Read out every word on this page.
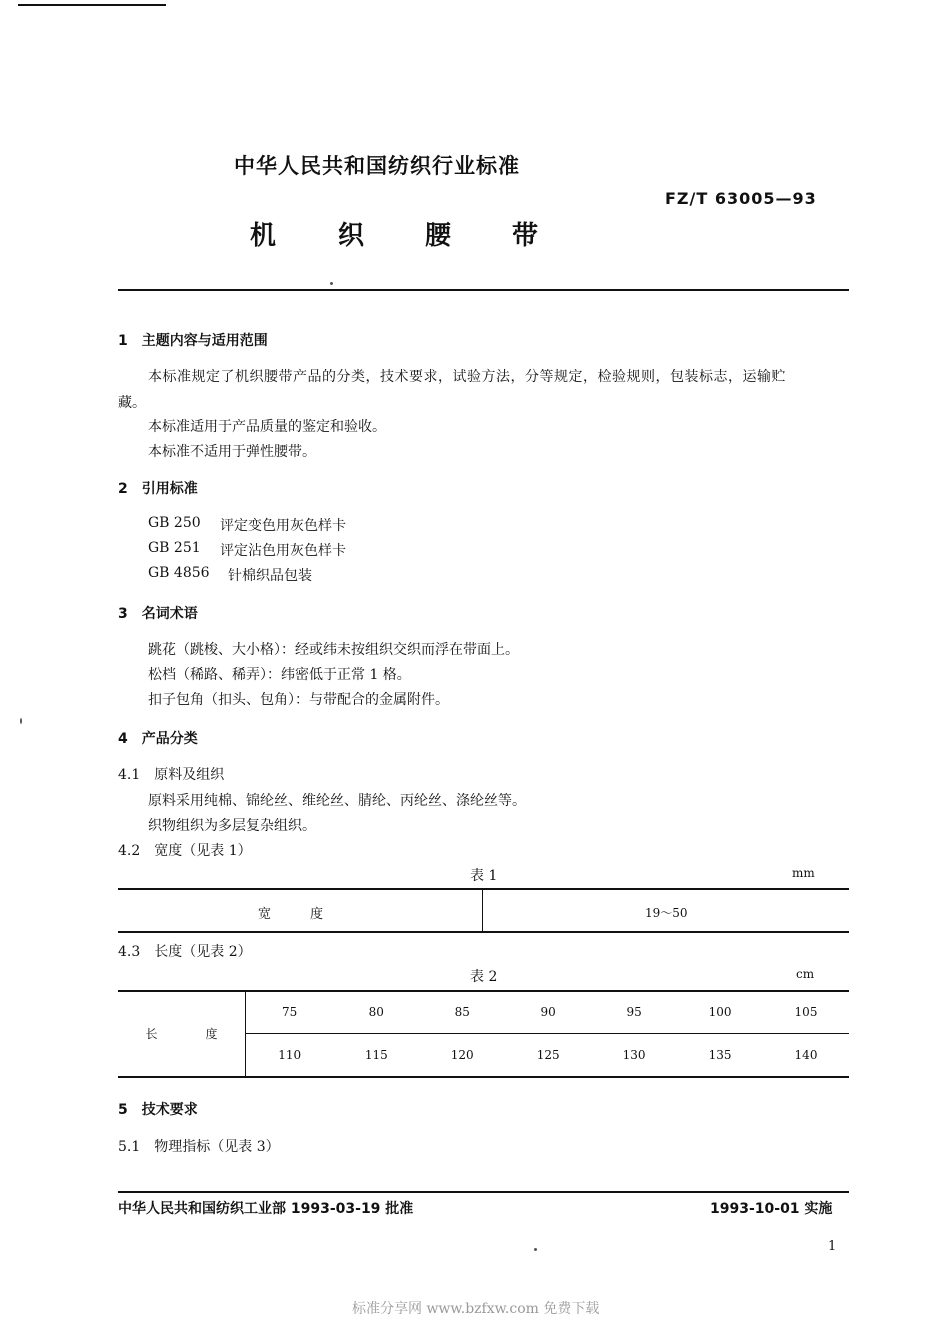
中华人民共和国纺织行业标准
FZ/T 63005—93
机 织 腰 带
1　主题内容与适用范围
本标准规定了机织腰带产品的分类，技术要求，试验方法，分等规定，检验规则，包装标志，运输贮
藏。
本标准适用于产品质量的鉴定和验收。
本标准不适用于弹性腰带。
2　引用标准
GB 250 评定变色用灰色样卡
GB 251 评定沾色用灰色样卡
GB 4856 针棉织品包装
3　名词术语
跳花（跳梭、大小格）：经或纬未按组织交织而浮在带面上。
松档（稀路、稀弄）：纬密低于正常 1 格。
扣子包角（扣头、包角）：与带配合的金属附件。
4　产品分类
4.1　原料及组织
原料采用纯棉、锦纶丝、维纶丝、腈纶、丙纶丝、涤纶丝等。
织物组织为多层复杂组织。
4.2　宽度（见表 1）
表 1	mm
宽　　　度	19～50
4.3　长度（见表 2）
表 2	cm
长　　　　度	75	80	85	90	95	100	105
	110	115	120	125	130	135	140
5　技术要求
5.1　物理指标（见表 3）
中华人民共和国纺织工业部 1993-03-19 批准	1993-10-01 实施
1
标准分享网 www.bzfxw.com 免费下载
